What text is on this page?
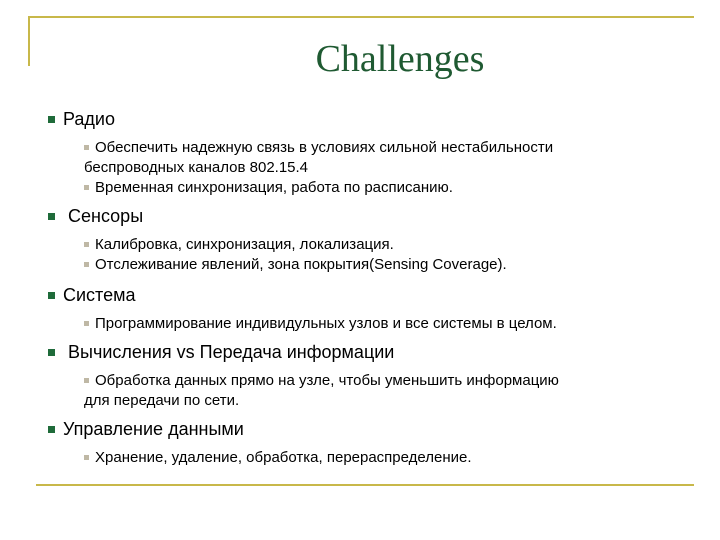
Challenges
Радио
Обеспечить надежную связь в условиях сильной нестабильности
беспроводных каналов 802.15.4
Временная синхронизация, работа по расписанию.
Сенсоры
Калибровка, синхронизация, локализация.
Отслеживание явлений, зона покрытия(Sensing Coverage).
Система
Программирование индивидульных узлов и все системы в целом.
Вычисления vs Передача информации
Обработка данных прямо на узле, чтобы уменьшить информацию
для передачи по сети.
Управление данными
Хранение, удаление, обработка, перераспределение.
